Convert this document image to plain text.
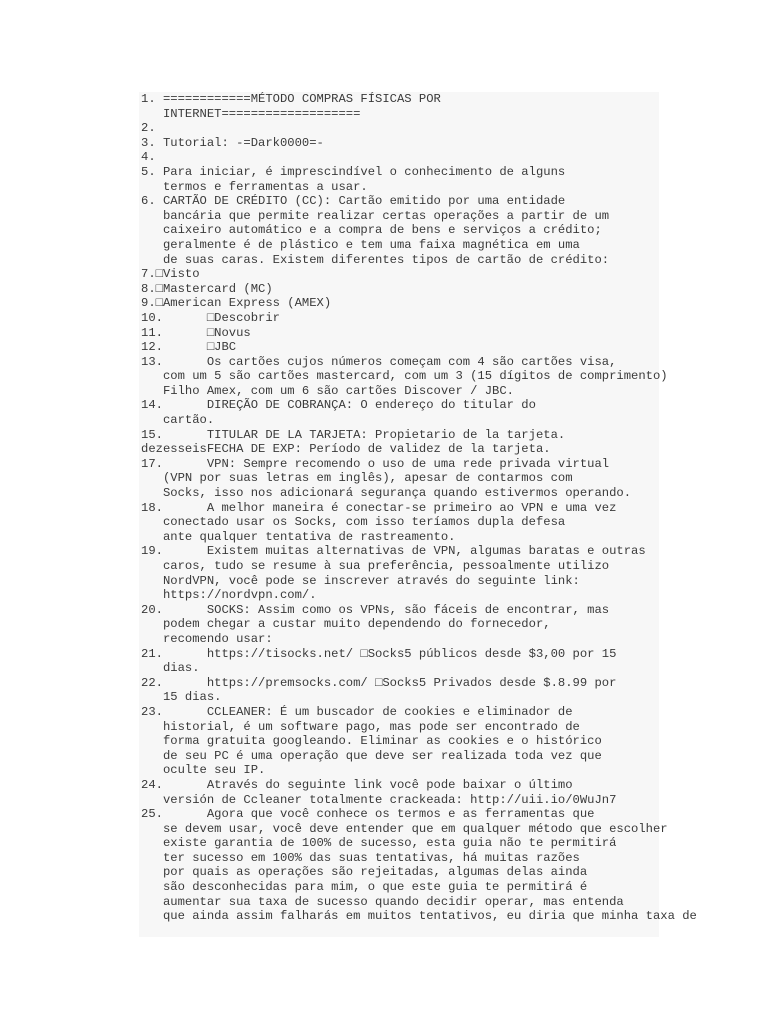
1. ============MÉTODO COMPRAS FÍSICAS POR
INTERNET===================
2.
3. Tutorial: -=Dark0000=-
4.
5. Para iniciar, é imprescindível o conhecimento de alguns
termos e ferramentas a usar.
6. CARTÃO DE CRÉDITO (CC): Cartão emitido por uma entidade
bancária que permite realizar certas operações a partir de um
caixeiro automático e a compra de bens e serviços a crédito;
geralmente é de plástico e tem uma faixa magnética em uma
de suas caras. Existem diferentes tipos de cartão de crédito:
7.□Visto
8.□Mastercard (MC)
9.□American Express (AMEX)
10.      □Descobrir
11.      □Novus
12.      □JBC
13.      Os cartões cujos números começam com 4 são cartões visa,
com um 5 são cartões mastercard, com um 3 (15 dígitos de comprimento)
Filho Amex, com um 6 são cartões Discover / JBC.
14.      DIREÇÃO DE COBRANÇA: O endereço do titular do
cartão.
15.      TITULAR DE LA TARJETA: Propietario de la tarjeta.
dezesseisFECHA DE EXP: Período de validez de la tarjeta.
17.      VPN: Sempre recomendo o uso de uma rede privada virtual
(VPN por suas letras em inglês), apesar de contarmos com
Socks, isso nos adicionará segurança quando estivermos operando.
18.      A melhor maneira é conectar-se primeiro ao VPN e uma vez
conectado usar os Socks, com isso teríamos dupla defesa
ante qualquer tentativa de rastreamento.
19.      Existem muitas alternativas de VPN, algumas baratas e outras
caros, tudo se resume à sua preferência, pessoalmente utilizo
NordVPN, você pode se inscrever através do seguinte link:
https://nordvpn.com/.
20.      SOCKS: Assim como os VPNs, são fáceis de encontrar, mas
podem chegar a custar muito dependendo do fornecedor,
recomendo usar:
21.      https://tisocks.net/ □Socks5 públicos desde $3,00 por 15
dias.
22.      https://premsocks.com/ □Socks5 Privados desde $.8.99 por
15 dias.
23.      CCLEANER: É um buscador de cookies e eliminador de
historial, é um software pago, mas pode ser encontrado de
forma gratuita googleando. Eliminar as cookies e o histórico
de seu PC é uma operação que deve ser realizada toda vez que
oculte seu IP.
24.      Através do seguinte link você pode baixar o último
versión de Ccleaner totalmente crackeada: http://uii.io/0WuJn7
25.      Agora que você conhece os termos e as ferramentas que
se devem usar, você deve entender que em qualquer método que escolher
existe garantia de 100% de sucesso, esta guia não te permitirá
ter sucesso em 100% das suas tentativas, há muitas razões
por quais as operações são rejeitadas, algumas delas ainda
são desconhecidas para mim, o que este guia te permitirá é
aumentar sua taxa de sucesso quando decidir operar, mas entenda
que ainda assim falharás em muitos tentativos, eu diria que minha taxa de
